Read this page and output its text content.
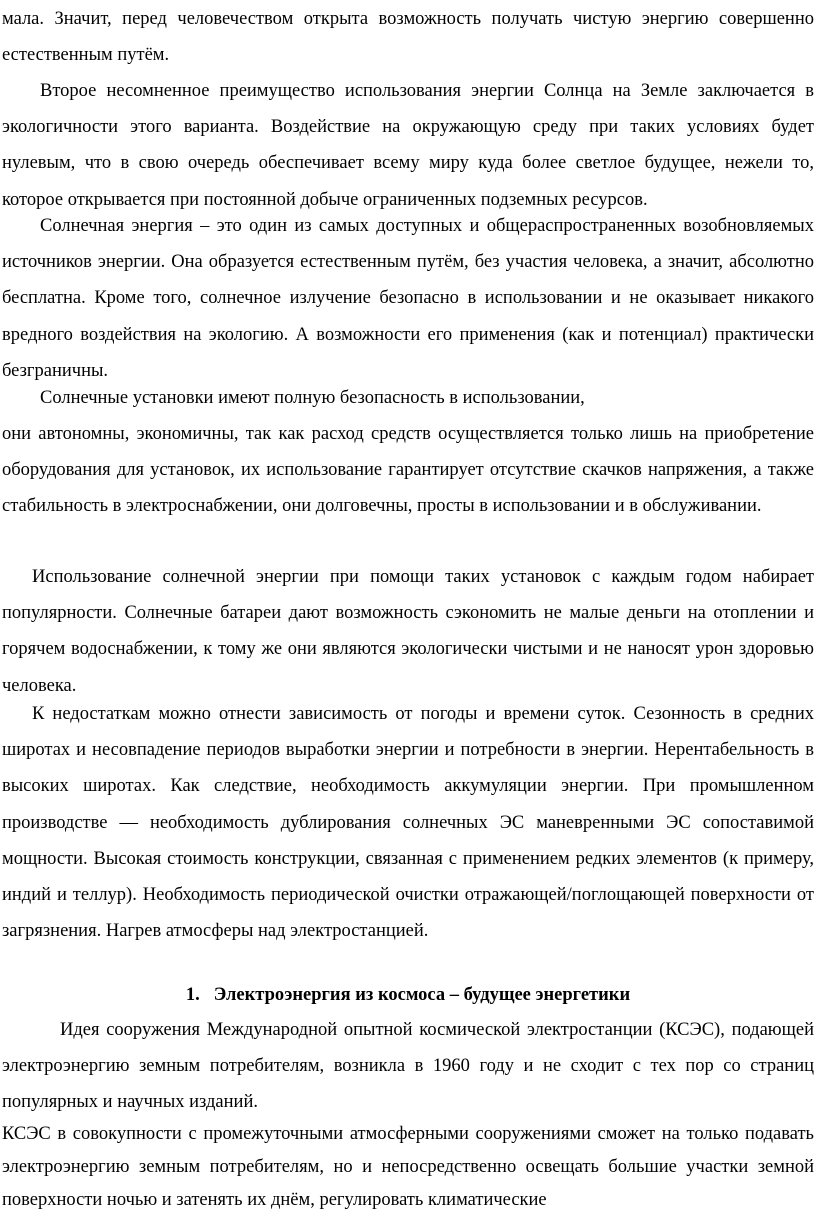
мала. Значит, перед человечеством открыта возможность получать чистую энергию совершенно естественным путём.

Второе несомненное преимущество использования энергии Солнца на Земле заключается в экологичности этого варианта. Воздействие на окружающую среду при таких условиях будет нулевым, что в свою очередь обеспечивает всему миру куда более светлое будущее, нежели то, которое открывается при постоянной добыче ограниченных подземных ресурсов.

Солнечная энергия – это один из самых доступных и общераспространенных возобновляемых источников энергии. Она образуется естественным путём, без участия человека, а значит, абсолютно бесплатна. Кроме того, солнечное излучение безопасно в использовании и не оказывает никакого вредного воздействия на экологию. А возможности его применения (как и потенциал) практически безграничны.

Солнечные установки имеют полную безопасность в использовании,

они автономны, экономичны, так как расход средств осуществляется только лишь на приобретение оборудования для установок, их использование гарантирует отсутствие скачков напряжения, а также стабильность в электроснабжении, они долговечны, просты в использовании и в обслуживании.

Использование солнечной энергии при помощи таких установок с каждым годом набирает популярности. Солнечные батареи дают возможность сэкономить не малые деньги на отоплении и горячем водоснабжении, к тому же они являются экологически чистыми и не наносят урон здоровью человека.

К недостаткам можно отнести зависимость от погоды и времени суток. Сезонность в средних широтах и несовпадение периодов выработки энергии и потребности в энергии. Нерентабельность в высоких широтах. Как следствие, необходимость аккумуляции энергии. При промышленном производстве — необходимость дублирования солнечных ЭС маневренными ЭС сопоставимой мощности. Высокая стоимость конструкции, связанная с применением редких элементов (к примеру, индий и теллур). Необходимость периодической очистки отражающей/поглощающей поверхности от загрязнения. Нагрев атмосферы над электростанцией.

1. Электроэнергия из космоса – будущее энергетики

Идея сооружения Международной опытной космической электростанции (КСЭС), подающей электроэнергию земным потребителям, возникла в 1960 году и не сходит с тех пор со страниц популярных и научных изданий.

КСЭС в совокупности с промежуточными атмосферными сооружениями сможет на только подавать электроэнергию земным потребителям, но и непосредственно освещать большие участки земной поверхности ночью и затенять их днём, регулировать климатические
